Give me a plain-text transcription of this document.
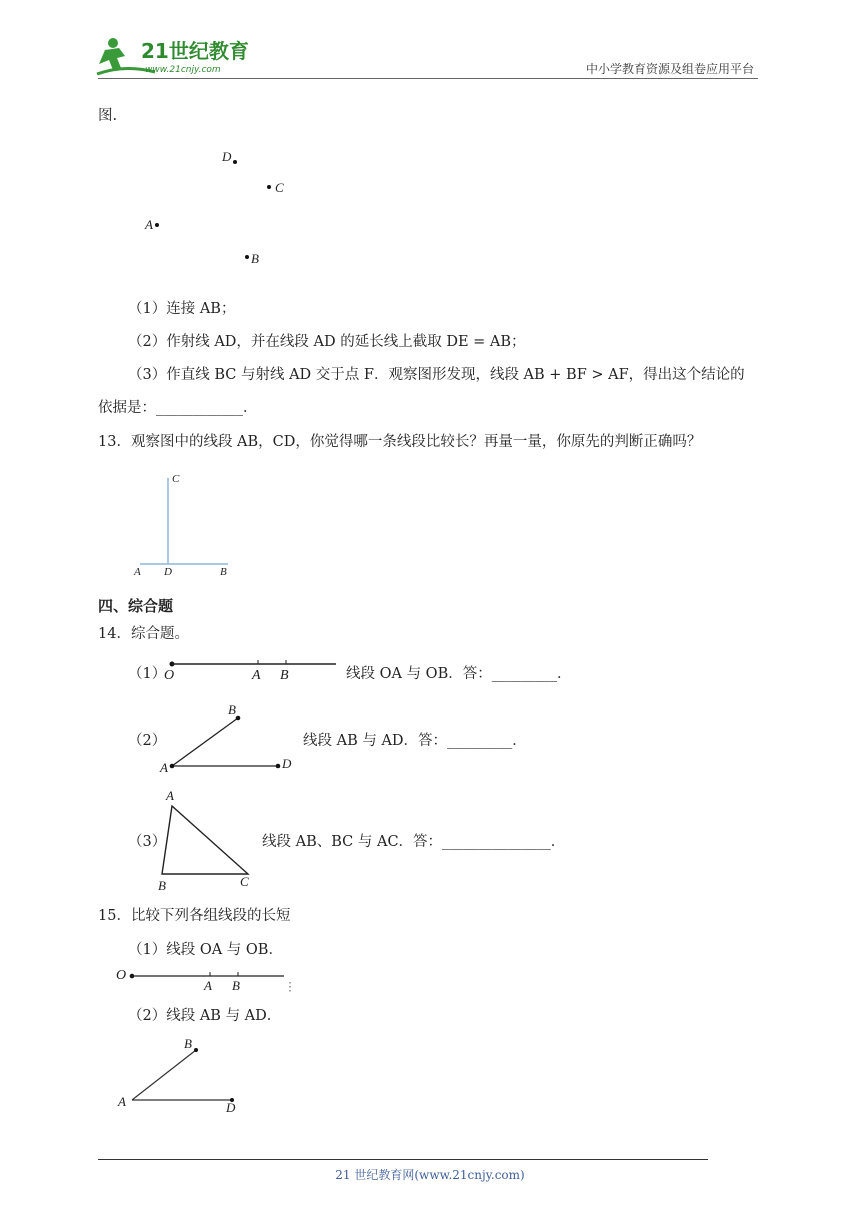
21世纪教育
www.21cnjy.com	中小学教育资源及组卷应用平台
图.
D
C
A
B
（1）连接 AB；
（2）作射线 AD，并在线段 AD 的延长线上截取 DE = AB；
（3）作直线 BC 与射线 AD 交于点 F．观察图形发现，线段 AB + BF > AF，得出这个结论的
依据是：____________．
13．观察图中的线段 AB，CD，你觉得哪一条线段比较长？再量一量，你原先的判断正确吗？
C
A D	B
四、综合题
14．综合题。
（1）
O	A B	线段 OA 与 OB．答：_________．
（2）
B
A	D
线段 AB 与 AD．答：_________．
（3）
A
B	C
线段 AB、BC 与 AC．答：_______________．
15．比较下列各组线段的长短
（1）线段 OA 与 OB．
O
A B
（2）线段 AB 与 AD．
B
A	D
21 世纪教育网(www.21cnjy.com)
